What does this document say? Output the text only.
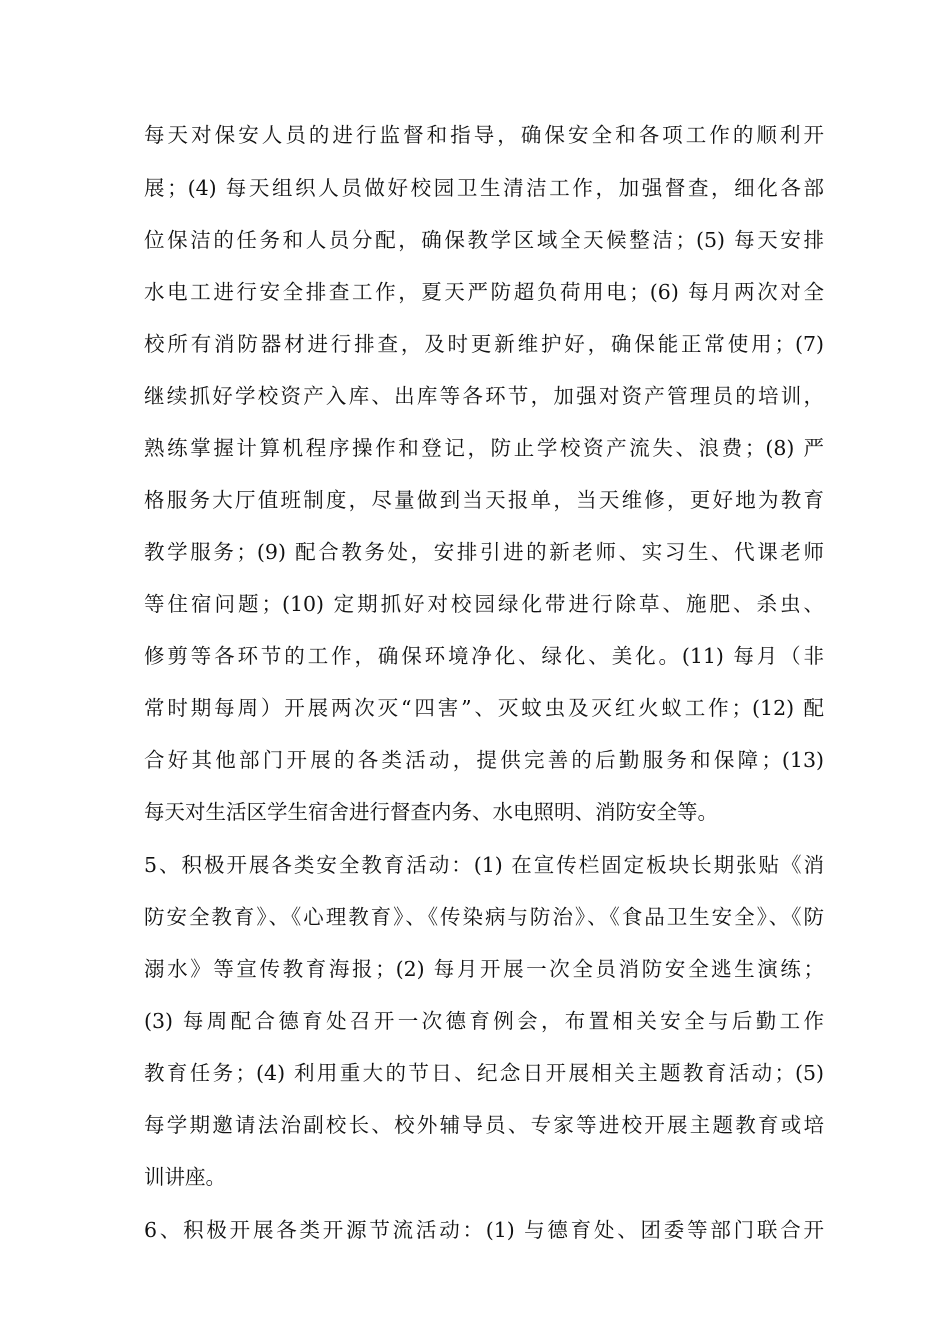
每天对保安人员的进行监督和指导，确保安全和各项工作的顺利开
展；(4) 每天组织人员做好校园卫生清洁工作，加强督查，细化各部
位保洁的任务和人员分配，确保教学区域全天候整洁；(5) 每天安排
水电工进行安全排查工作，夏天严防超负荷用电；(6) 每月两次对全
校所有消防器材进行排查，及时更新维护好，确保能正常使用；(7)
继续抓好学校资产入库、出库等各环节，加强对资产管理员的培训，
熟练掌握计算机程序操作和登记，防止学校资产流失、浪费；(8) 严
格服务大厅值班制度，尽量做到当天报单，当天维修，更好地为教育
教学服务；(9) 配合教务处，安排引进的新老师、实习生、代课老师
等住宿问题；(10) 定期抓好对校园绿化带进行除草、施肥、杀虫、
修剪等各环节的工作，确保环境净化、绿化、美化。(11) 每月（非
常时期每周）开展两次灭“四害”、灭蚊虫及灭红火蚁工作；(12) 配
合好其他部门开展的各类活动，提供完善的后勤服务和保障；(13)
每天对生活区学生宿舍进行督查内务、水电照明、消防安全等。
5、积极开展各类安全教育活动：(1) 在宣传栏固定板块长期张贴《消
防安全教育》、《心理教育》、《传染病与防治》、《食品卫生安全》、《防
溺水》等宣传教育海报；(2) 每月开展一次全员消防安全逃生演练；
(3) 每周配合德育处召开一次德育例会，布置相关安全与后勤工作
教育任务；(4) 利用重大的节日、纪念日开展相关主题教育活动；(5)
每学期邀请法治副校长、校外辅导员、专家等进校开展主题教育或培
训讲座。
6、积极开展各类开源节流活动：(1) 与德育处、团委等部门联合开
